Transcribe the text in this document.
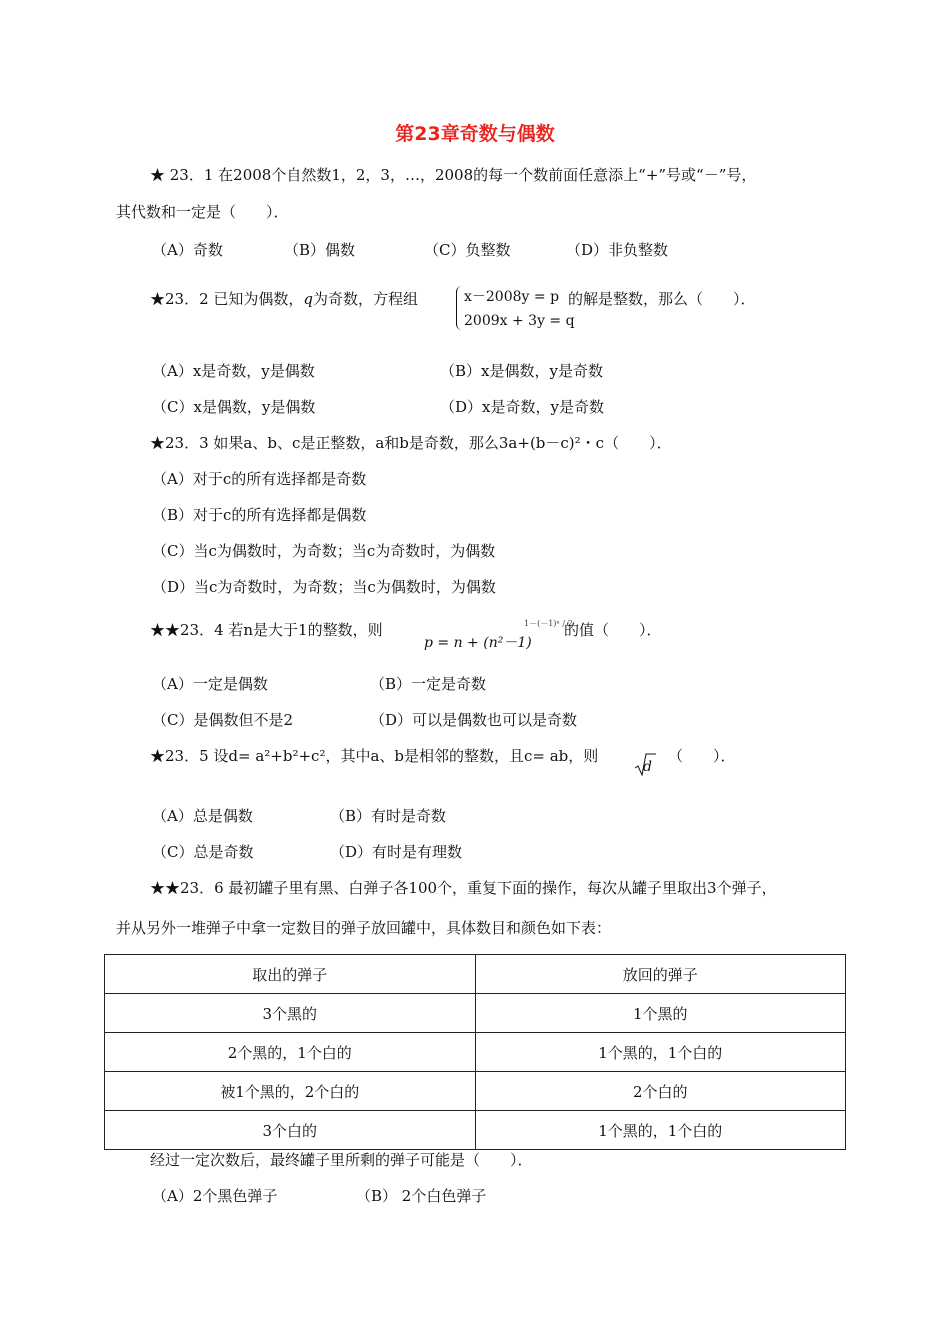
第23章奇数与偶数
★ 23．1 在2008个自然数1，2，3，…，2008的每一个数前面任意添上“+”号或“－”号，
其代数和一定是（　　）．
（A）奇数	（B）偶数	（C）负整数	（D）非负整数
★23．2 已知为偶数，q为奇数，方程组	x－2008y = p
2009x + 3y = q
的解是整数，那么（　　）．
（A）x是奇数，y是偶数	（B）x是偶数，y是奇数
（C）x是偶数，y是偶数	（D）x是奇数，y是奇数
★23．3 如果a、b、c是正整数，a和b是奇数，那么3a+(b－c)²・c（　　）．
（A）对于c的所有选择都是奇数
（B）对于c的所有选择都是偶数
（C）当c为偶数时，为奇数；当c为奇数时，为偶数
（D）当c为奇数时，为奇数；当c为偶数时，为偶数
★★23．4 若n是大于1的整数，则
p = n + (n²－1)
1－(－1)ⁿ / 2
的值（　　）．
（A）一定是偶数	（B）一定是奇数
（C）是偶数但不是2	（D）可以是偶数也可以是奇数
★23．5 设d= a²+b²+c²，其中a、b是相邻的整数，且c= ab，则
d
（　　）．
（A）总是偶数	（B）有时是奇数
（C）总是奇数	（D）有时是有理数
★★23．6 最初罐子里有黑、白弹子各100个，重复下面的操作，每次从罐子里取出3个弹子，
并从另外一堆弹子中拿一定数目的弹子放回罐中，具体数目和颜色如下表：
取出的弹子	放回的弹子
3个黑的	1个黑的
2个黑的，1个白的	1个黑的，1个白的
被1个黑的，2个白的	2个白的
3个白的	1个黑的，1个白的
经过一定次数后，最终罐子里所剩的弹子可能是（　　）．
（A）2个黑色弹子	（B） 2个白色弹子
